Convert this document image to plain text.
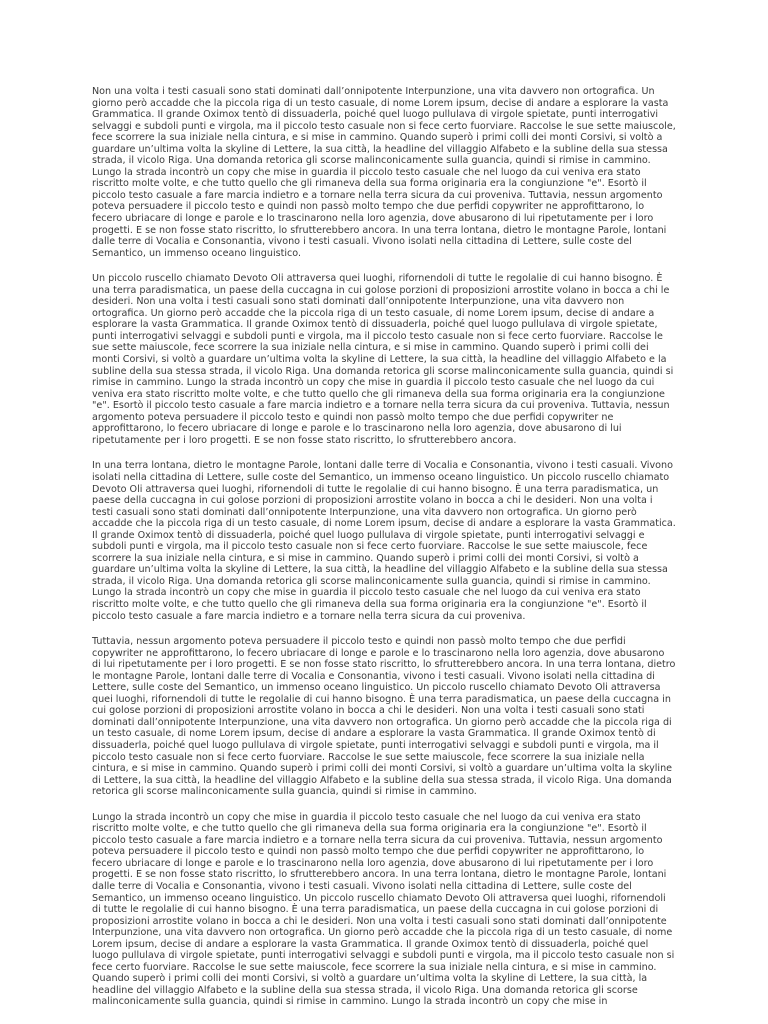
Non una volta i testi casuali sono stati dominati dall’onnipotente Interpunzione, una vita davvero non ortografica. Un giorno però accadde che la piccola riga di un testo casuale, di nome Lorem ipsum, decise di andare a esplorare la vasta Grammatica. Il grande Oximox tentò di dissuaderla, poiché quel luogo pullulava di virgole spietate, punti interrogativi selvaggi e subdoli punti e virgola, ma il piccolo testo casuale non si fece certo fuorviare. Raccolse le sue sette maiuscole, fece scorrere la sua iniziale nella cintura, e si mise in cammino. Quando superò i primi colli dei monti Corsivi, si voltò a guardare un’ultima volta la skyline di Lettere, la sua città, la headline del villaggio Alfabeto e la subline della sua stessa strada, il vicolo Riga. Una domanda retorica gli scorse malinconicamente sulla guancia, quindi si rimise in cammino. Lungo la strada incontrò un copy che mise in guardia il piccolo testo casuale che nel luogo da cui veniva era stato riscritto molte volte, e che tutto quello che gli rimaneva della sua forma originaria era la congiunzione "e". Esortò il piccolo testo casuale a fare marcia indietro e a tornare nella terra sicura da cui proveniva. Tuttavia, nessun argomento poteva persuadere il piccolo testo e quindi non passò molto tempo che due perfidi copywriter ne approfittarono, lo fecero ubriacare di longe e parole e lo trascinarono nella loro agenzia, dove abusarono di lui ripetutamente per i loro progetti. E se non fosse stato riscritto, lo sfrutterebbero ancora. In una terra lontana, dietro le montagne Parole, lontani dalle terre di Vocalia e Consonantia, vivono i testi casuali. Vivono isolati nella cittadina di Lettere, sulle coste del Semantico, un immenso oceano linguistico.

Un piccolo ruscello chiamato Devoto Oli attraversa quei luoghi, rifornendoli di tutte le regolalie di cui hanno bisogno. È una terra paradismatica, un paese della cuccagna in cui golose porzioni di proposizioni arrostite volano in bocca a chi le desideri. Non una volta i testi casuali sono stati dominati dall’onnipotente Interpunzione, una vita davvero non ortografica. Un giorno però accadde che la piccola riga di un testo casuale, di nome Lorem ipsum, decise di andare a esplorare la vasta Grammatica. Il grande Oximox tentò di dissuaderla, poiché quel luogo pullulava di virgole spietate, punti interrogativi selvaggi e subdoli punti e virgola, ma il piccolo testo casuale non si fece certo fuorviare. Raccolse le sue sette maiuscole, fece scorrere la sua iniziale nella cintura, e si mise in cammino. Quando superò i primi colli dei monti Corsivi, si voltò a guardare un’ultima volta la skyline di Lettere, la sua città, la headline del villaggio Alfabeto e la subline della sua stessa strada, il vicolo Riga. Una domanda retorica gli scorse malinconicamente sulla guancia, quindi si rimise in cammino. Lungo la strada incontrò un copy che mise in guardia il piccolo testo casuale che nel luogo da cui veniva era stato riscritto molte volte, e che tutto quello che gli rimaneva della sua forma originaria era la congiunzione "e". Esortò il piccolo testo casuale a fare marcia indietro e a tornare nella terra sicura da cui proveniva. Tuttavia, nessun argomento poteva persuadere il piccolo testo e quindi non passò molto tempo che due perfidi copywriter ne approfittarono, lo fecero ubriacare di longe e parole e lo trascinarono nella loro agenzia, dove abusarono di lui ripetutamente per i loro progetti. E se non fosse stato riscritto, lo sfrutterebbero ancora.

In una terra lontana, dietro le montagne Parole, lontani dalle terre di Vocalia e Consonantia, vivono i testi casuali. Vivono isolati nella cittadina di Lettere, sulle coste del Semantico, un immenso oceano linguistico. Un piccolo ruscello chiamato Devoto Oli attraversa quei luoghi, rifornendoli di tutte le regolalie di cui hanno bisogno. È una terra paradismatica, un paese della cuccagna in cui golose porzioni di proposizioni arrostite volano in bocca a chi le desideri. Non una volta i testi casuali sono stati dominati dall’onnipotente Interpunzione, una vita davvero non ortografica. Un giorno però accadde che la piccola riga di un testo casuale, di nome Lorem ipsum, decise di andare a esplorare la vasta Grammatica. Il grande Oximox tentò di dissuaderla, poiché quel luogo pullulava di virgole spietate, punti interrogativi selvaggi e subdoli punti e virgola, ma il piccolo testo casuale non si fece certo fuorviare. Raccolse le sue sette maiuscole, fece scorrere la sua iniziale nella cintura, e si mise in cammino. Quando superò i primi colli dei monti Corsivi, si voltò a guardare un’ultima volta la skyline di Lettere, la sua città, la headline del villaggio Alfabeto e la subline della sua stessa strada, il vicolo Riga. Una domanda retorica gli scorse malinconicamente sulla guancia, quindi si rimise in cammino. Lungo la strada incontrò un copy che mise in guardia il piccolo testo casuale che nel luogo da cui veniva era stato riscritto molte volte, e che tutto quello che gli rimaneva della sua forma originaria era la congiunzione "e". Esortò il piccolo testo casuale a fare marcia indietro e a tornare nella terra sicura da cui proveniva.

Tuttavia, nessun argomento poteva persuadere il piccolo testo e quindi non passò molto tempo che due perfidi copywriter ne approfittarono, lo fecero ubriacare di longe e parole e lo trascinarono nella loro agenzia, dove abusarono di lui ripetutamente per i loro progetti. E se non fosse stato riscritto, lo sfrutterebbero ancora. In una terra lontana, dietro le montagne Parole, lontani dalle terre di Vocalia e Consonantia, vivono i testi casuali. Vivono isolati nella cittadina di Lettere, sulle coste del Semantico, un immenso oceano linguistico. Un piccolo ruscello chiamato Devoto Oli attraversa quei luoghi, rifornendoli di tutte le regolalie di cui hanno bisogno. È una terra paradismatica, un paese della cuccagna in cui golose porzioni di proposizioni arrostite volano in bocca a chi le desideri. Non una volta i testi casuali sono stati dominati dall’onnipotente Interpunzione, una vita davvero non ortografica. Un giorno però accadde che la piccola riga di un testo casuale, di nome Lorem ipsum, decise di andare a esplorare la vasta Grammatica. Il grande Oximox tentò di dissuaderla, poiché quel luogo pullulava di virgole spietate, punti interrogativi selvaggi e subdoli punti e virgola, ma il piccolo testo casuale non si fece certo fuorviare. Raccolse le sue sette maiuscole, fece scorrere la sua iniziale nella cintura, e si mise in cammino. Quando superò i primi colli dei monti Corsivi, si voltò a guardare un’ultima volta la skyline di Lettere, la sua città, la headline del villaggio Alfabeto e la subline della sua stessa strada, il vicolo Riga. Una domanda retorica gli scorse malinconicamente sulla guancia, quindi si rimise in cammino.

Lungo la strada incontrò un copy che mise in guardia il piccolo testo casuale che nel luogo da cui veniva era stato riscritto molte volte, e che tutto quello che gli rimaneva della sua forma originaria era la congiunzione "e". Esortò il piccolo testo casuale a fare marcia indietro e a tornare nella terra sicura da cui proveniva. Tuttavia, nessun argomento poteva persuadere il piccolo testo e quindi non passò molto tempo che due perfidi copywriter ne approfittarono, lo fecero ubriacare di longe e parole e lo trascinarono nella loro agenzia, dove abusarono di lui ripetutamente per i loro progetti. E se non fosse stato riscritto, lo sfrutterebbero ancora. In una terra lontana, dietro le montagne Parole, lontani dalle terre di Vocalia e Consonantia, vivono i testi casuali. Vivono isolati nella cittadina di Lettere, sulle coste del Semantico, un immenso oceano linguistico. Un piccolo ruscello chiamato Devoto Oli attraversa quei luoghi, rifornendoli di tutte le regolalie di cui hanno bisogno. È una terra paradismatica, un paese della cuccagna in cui golose porzioni di proposizioni arrostite volano in bocca a chi le desideri. Non una volta i testi casuali sono stati dominati dall’onnipotente Interpunzione, una vita davvero non ortografica. Un giorno però accadde che la piccola riga di un testo casuale, di nome Lorem ipsum, decise di andare a esplorare la vasta Grammatica. Il grande Oximox tentò di dissuaderla, poiché quel luogo pullulava di virgole spietate, punti interrogativi selvaggi e subdoli punti e virgola, ma il piccolo testo casuale non si fece certo fuorviare. Raccolse le sue sette maiuscole, fece scorrere la sua iniziale nella cintura, e si mise in cammino. Quando superò i primi colli dei monti Corsivi, si voltò a guardare un’ultima volta la skyline di Lettere, la sua città, la headline del villaggio Alfabeto e la subline della sua stessa strada, il vicolo Riga. Una domanda retorica gli scorse malinconicamente sulla guancia, quindi si rimise in cammino. Lungo la strada incontrò un copy che mise in
